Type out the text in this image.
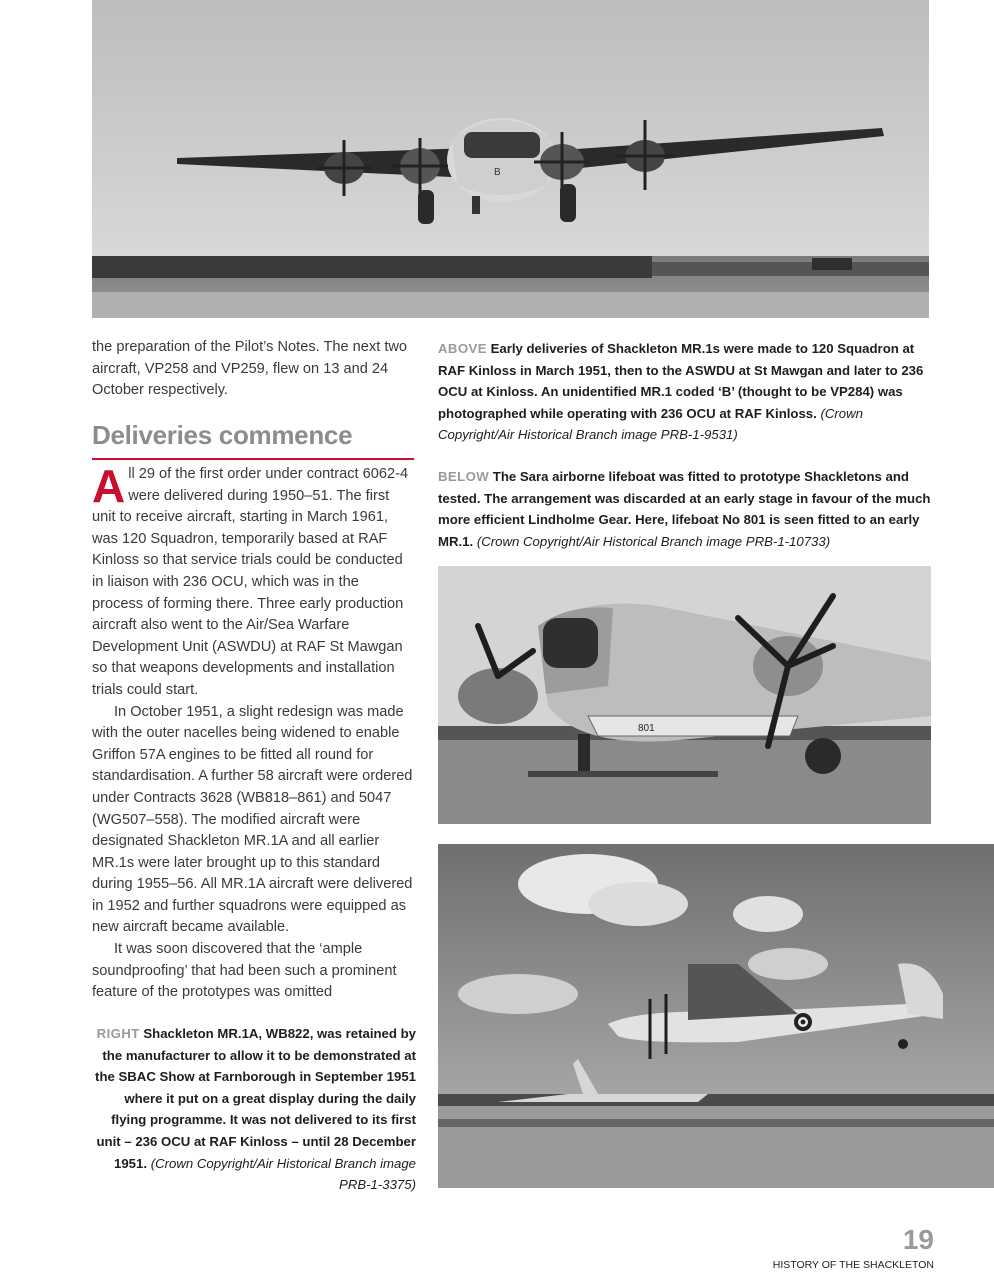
B

the preparation of the Pilot’s Notes. The next two aircraft, VP258 and VP259, flew on 13 and 24 October respectively.

Deliveries commence

All 29 of the first order under contract 6062-4 were delivered during 1950–51. The first unit to receive aircraft, starting in March 1961, was 120 Squadron, temporarily based at RAF Kinloss so that service trials could be conducted in liaison with 236 OCU, which was in the process of forming there. Three early production aircraft also went to the Air/Sea Warfare Development Unit (ASWDU) at RAF St Mawgan so that weapons developments and installation trials could start.

In October 1951, a slight redesign was made with the outer nacelles being widened to enable Griffon 57A engines to be fitted all round for standardisation. A further 58 aircraft were ordered under Contracts 3628 (WB818–861) and 5047 (WG507–558). The modified aircraft were designated Shackleton MR.1A and all earlier MR.1s were later brought up to this standard during 1955–56. All MR.1A aircraft were delivered in 1952 and further squadrons were equipped as new aircraft became available.

It was soon discovered that the ‘ample soundproofing’ that had been such a prominent feature of the prototypes was omitted

ABOVE Early deliveries of Shackleton MR.1s were made to 120 Squadron at RAF Kinloss in March 1951, then to the ASWDU at St Mawgan and later to 236 OCU at Kinloss. An unidentified MR.1 coded ‘B’ (thought to be VP284) was photographed while operating with 236 OCU at RAF Kinloss. (Crown Copyright/Air Historical Branch image PRB-1-9531)
BELOW The Sara airborne lifeboat was fitted to prototype Shackletons and tested. The arrangement was discarded at an early stage in favour of the much more efficient Lindholme Gear. Here, lifeboat No 801 is seen fitted to an early MR.1. (Crown Copyright/Air Historical Branch image PRB-1-10733)
801
RIGHT Shackleton MR.1A, WB822, was retained by the manufacturer to allow it to be demonstrated at the SBAC Show at Farnborough in September 1951 where it put on a great display during the daily flying programme. It was not delivered to its first unit – 236 OCU at RAF Kinloss – until 28 December 1951. (Crown Copyright/Air Historical Branch image PRB-1-3375)
19
HISTORY OF THE SHACKLETON
